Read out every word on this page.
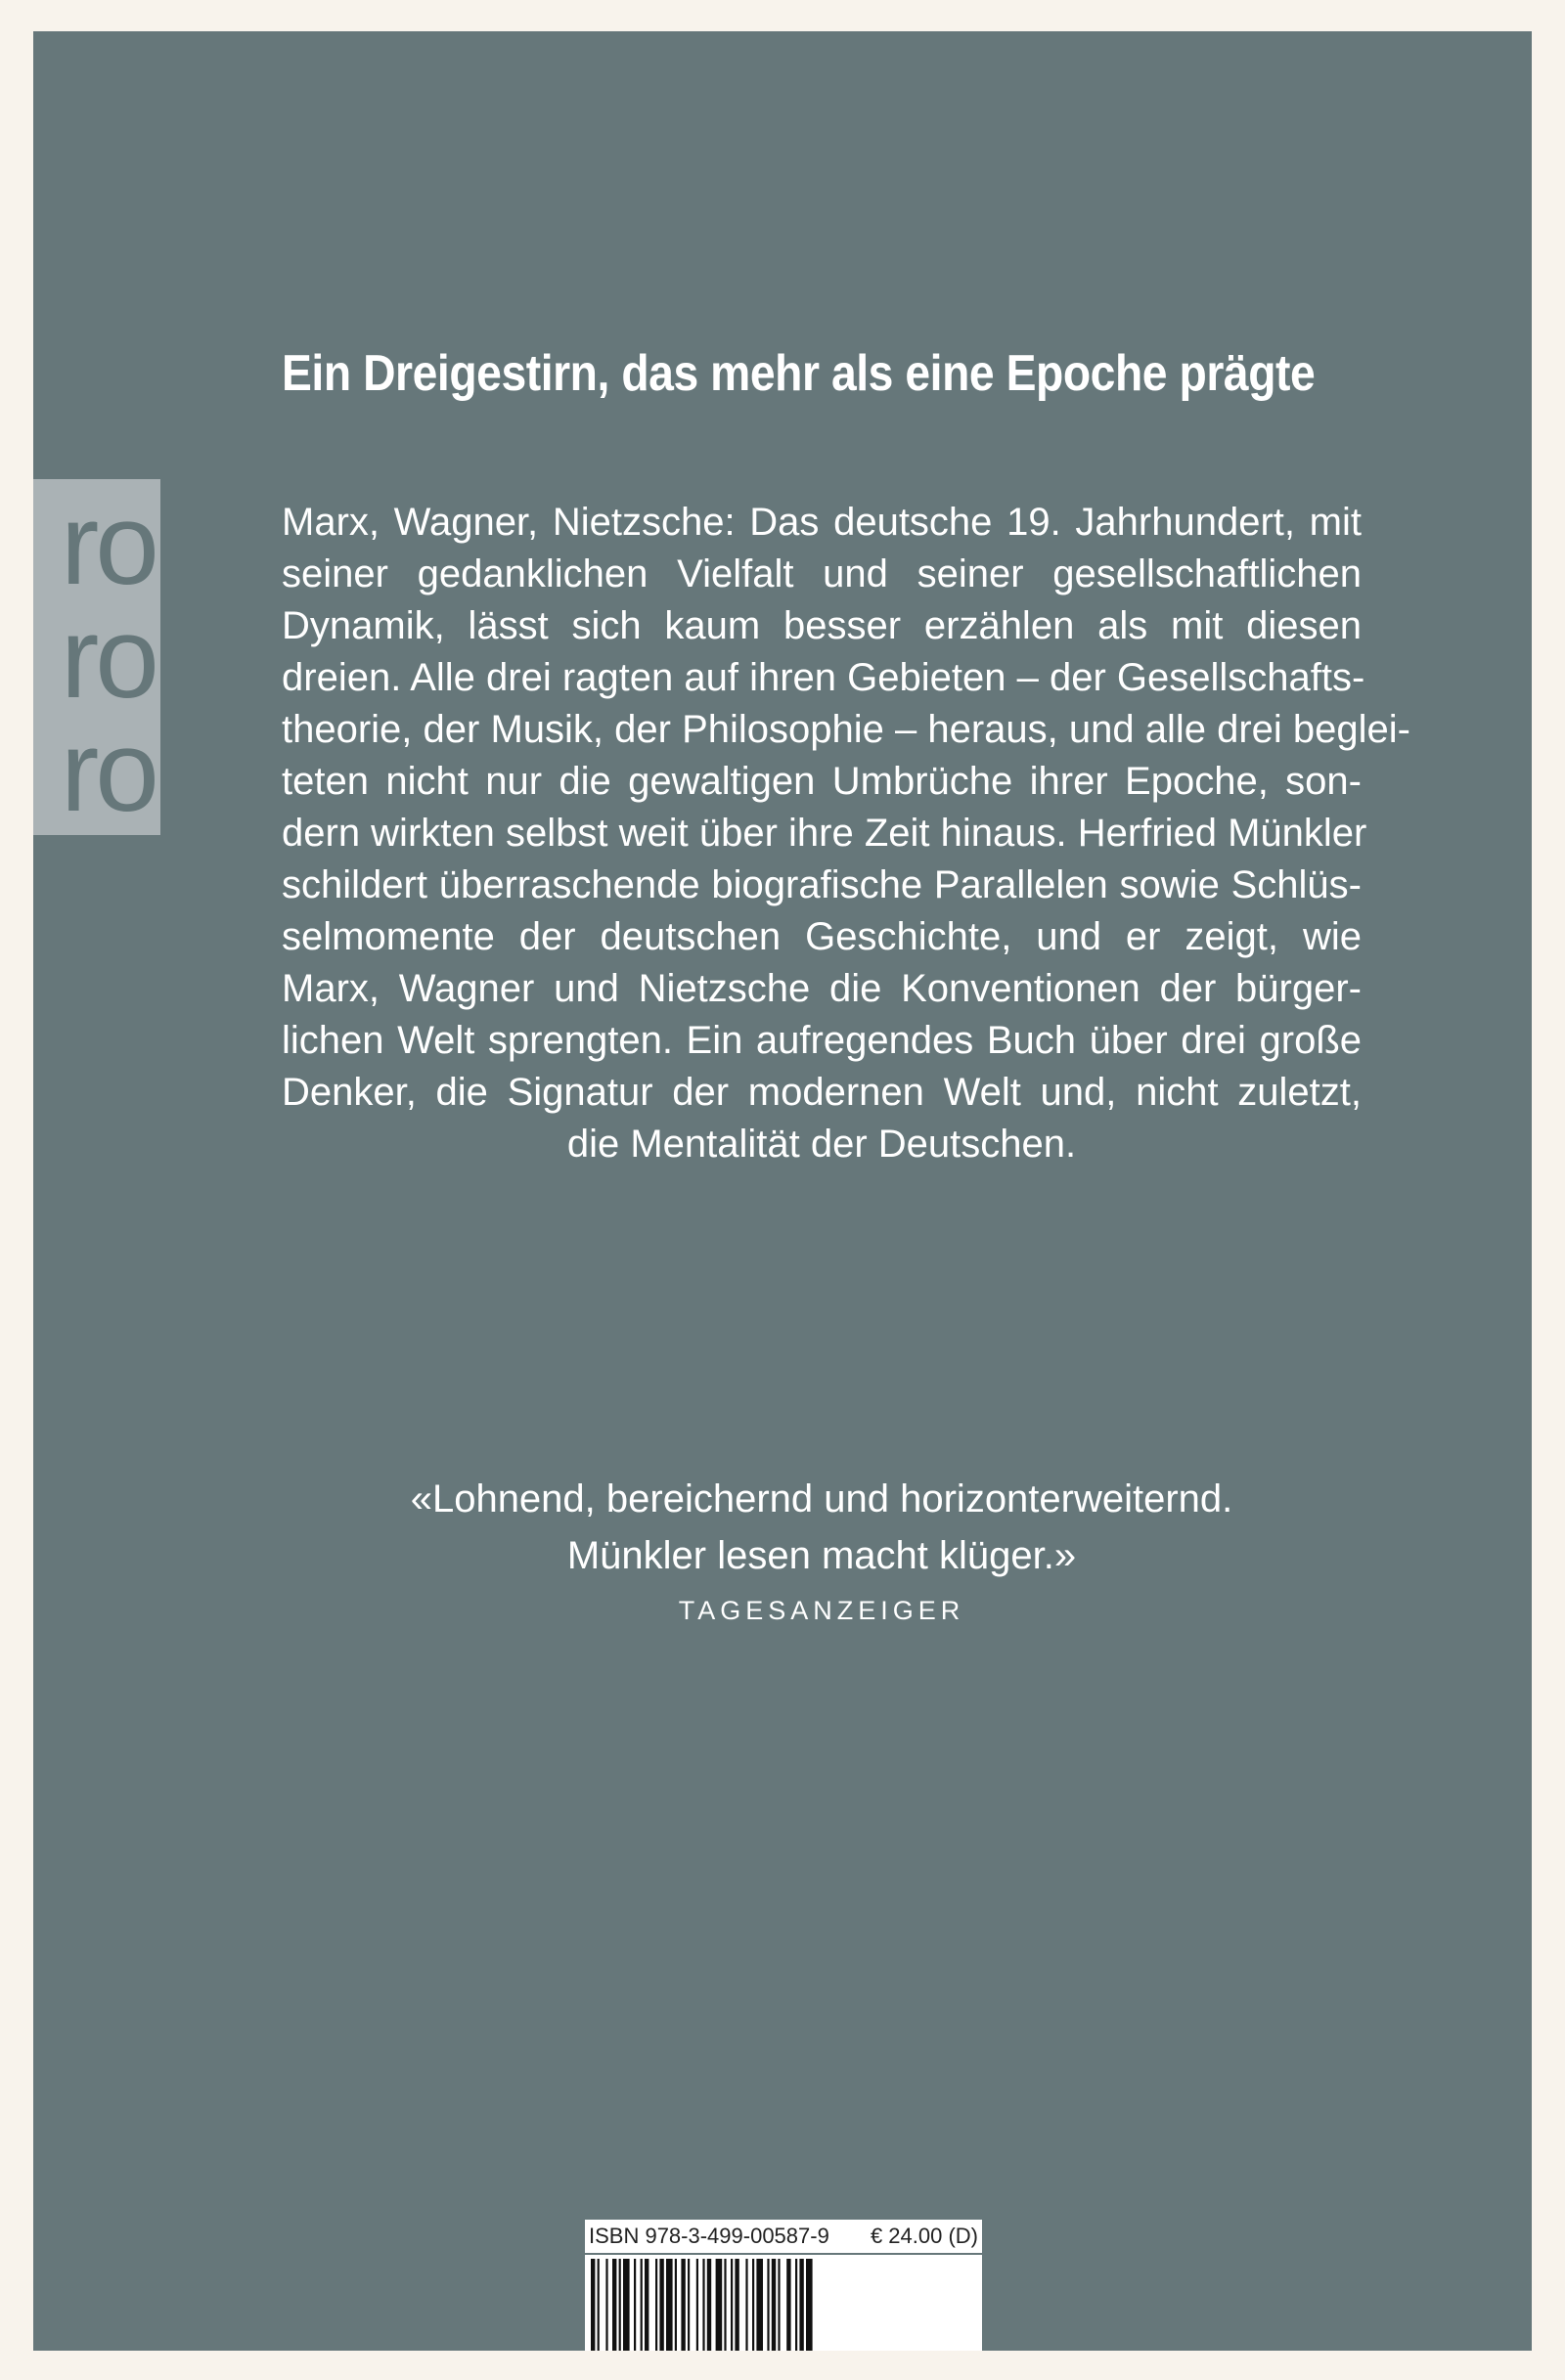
ro
ro
ro
Ein Dreigestirn, das mehr als eine Epoche prägte
Marx, Wagner, Nietzsche: Das deutsche 19. Jahrhundert, mit
seiner gedanklichen Vielfalt und seiner gesellschaftlichen
Dynamik, lässt sich kaum besser erzählen als mit diesen
dreien. Alle drei ragten auf ihren Gebieten – der Gesellschafts-
theorie, der Musik, der Philosophie – heraus, und alle drei beglei-
teten nicht nur die gewaltigen Umbrüche ihrer Epoche, son-
dern wirkten selbst weit über ihre Zeit hinaus. Herfried Münkler
schildert überraschende biografische Parallelen sowie Schlüs-
selmomente der deutschen Geschichte, und er zeigt, wie
Marx, Wagner und Nietzsche die Konventionen der bürger-
lichen Welt sprengten. Ein aufregendes Buch über drei große
Denker, die Signatur der modernen Welt und, nicht zuletzt,
die Mentalität der Deutschen.
«Lohnend, bereichernd und horizonterweiternd.
Münkler lesen macht klüger.»
TAGESANZEIGER
ISBN 978-3-499-00587-9 € 24.00 (D)
